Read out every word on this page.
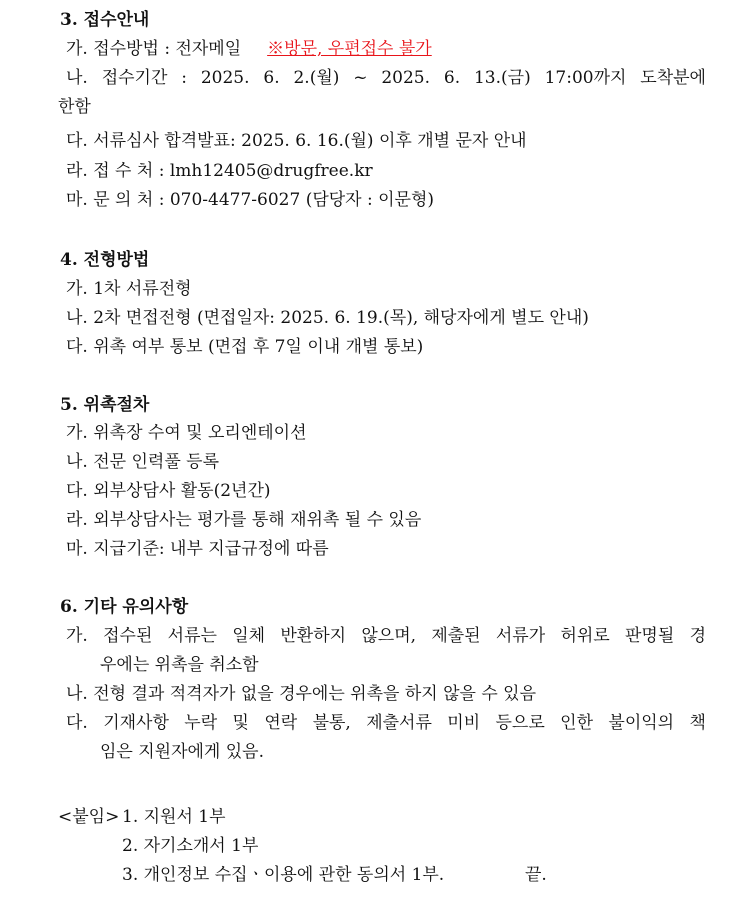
3. 접수안내
가. 접수방법 : 전자메일 ※방문, 우편접수 불가
나. 접수기간 : 2025. 6. 2.(월) ~ 2025. 6. 13.(금) 17:00까지 도착분에
한함
다. 서류심사 합격발표: 2025. 6. 16.(월) 이후 개별 문자 안내
라. 접 수 처 : lmh12405@drugfree.kr
마. 문 의 처 : 070-4477-6027 (담당자 : 이문형)
4. 전형방법
가. 1차 서류전형
나. 2차 면접전형 (면접일자: 2025. 6. 19.(목), 해당자에게 별도 안내)
다. 위촉 여부 통보 (면접 후 7일 이내 개별 통보)
5. 위촉절차
가. 위촉장 수여 및 오리엔테이션
나. 전문 인력풀 등록
다. 외부상담사 활동(2년간)
라. 외부상담사는 평가를 통해 재위촉 될 수 있음
마. 지급기준: 내부 지급규정에 따름
6. 기타 유의사항
가. 접수된 서류는 일체 반환하지 않으며, 제출된 서류가 허위로 판명될 경
우에는 위촉을 취소함
나. 전형 결과 적격자가 없을 경우에는 위촉을 하지 않을 수 있음
다. 기재사항 누락 및 연락 불통, 제출서류 미비 등으로 인한 불이익의 책
임은 지원자에게 있음.
<붙임> 1. 지원서 1부
2. 자기소개서 1부
3. 개인정보 수집ㆍ이용에 관한 동의서 1부.	끝.
